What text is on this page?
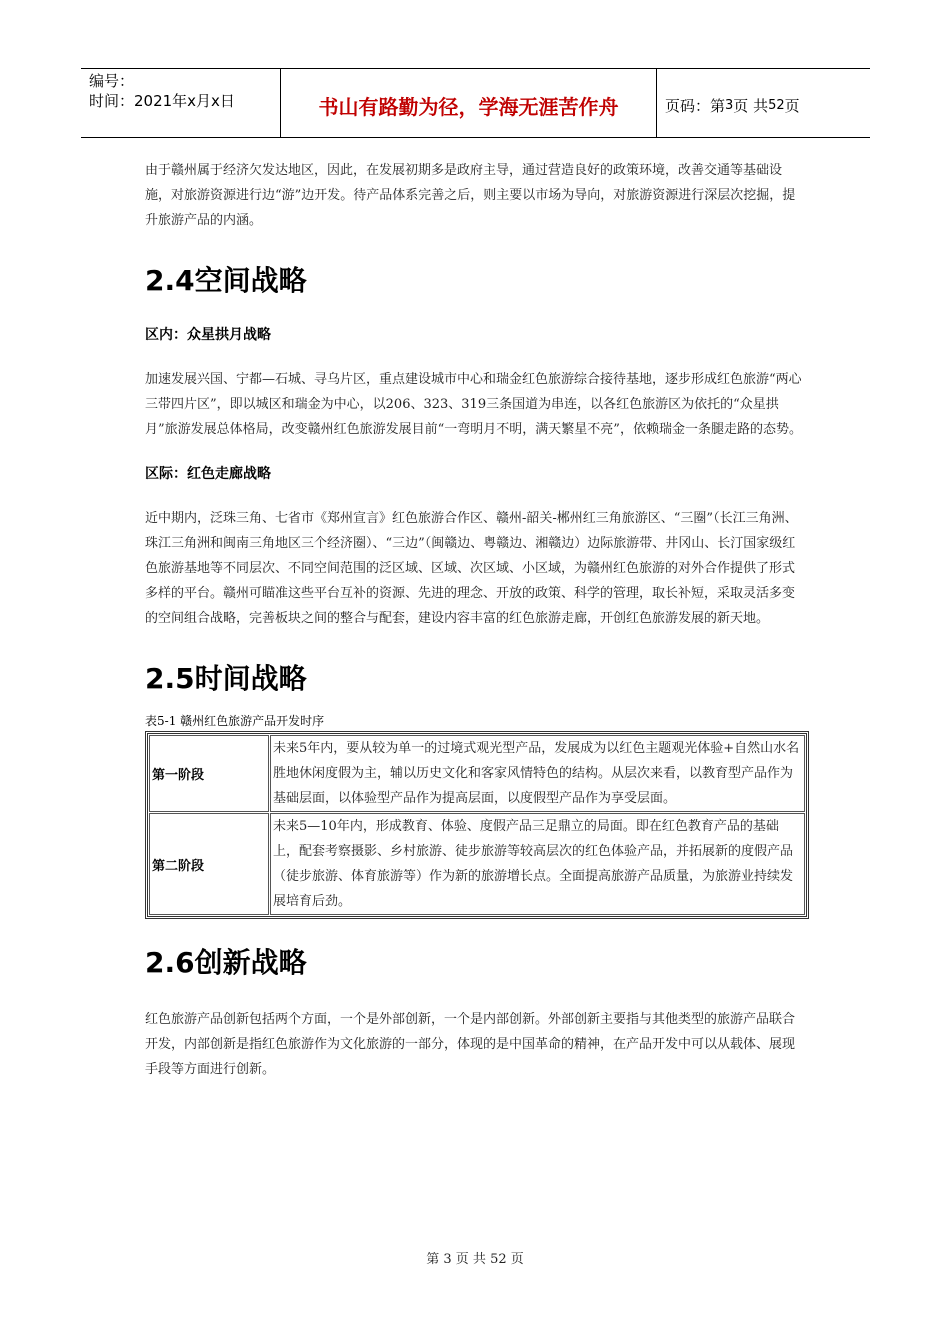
编号：
时间：2021年x月x日	书山有路勤为径，学海无涯苦作舟	页码：第 3 页 共 52 页

由于赣州属于经济欠发达地区，因此，在发展初期多是政府主导，通过营造良好的政策环境，改善交通等基础设施，对旅游资源进行边“游”边开发。待产品体系完善之后，则主要以市场为导向，对旅游资源进行深层次挖掘，提升旅游产品的内涵。

2.4空间战略
区内：众星拱月战略

加速发展兴国、宁都—石城、寻乌片区，重点建设城市中心和瑞金红色旅游综合接待基地，逐步形成红色旅游“两心三带四片区”，即以城区和瑞金为中心，以206、323、319三条国道为串连，以各红色旅游区为依托的“众星拱月”旅游发展总体格局，改变赣州红色旅游发展目前“一弯明月不明，满天繁星不亮”，依赖瑞金一条腿走路的态势。

区际：红色走廊战略

近中期内，泛珠三角、七省市《郑州宣言》红色旅游合作区、赣州-韶关-郴州红三角旅游区、“三圈”（长江三角洲、珠江三角洲和闽南三角地区三个经济圈）、“三边”（闽赣边、粤赣边、湘赣边）边际旅游带、井冈山、长汀国家级红色旅游基地等不同层次、不同空间范围的泛区域、区域、次区域、小区域，为赣州红色旅游的对外合作提供了形式多样的平台。赣州可瞄准这些平台互补的资源、先进的理念、开放的政策、科学的管理，取长补短，采取灵活多变的空间组合战略，完善板块之间的整合与配套，建设内容丰富的红色旅游走廊，开创红色旅游发展的新天地。

2.5时间战略
表5-1 赣州红色旅游产品开发时序
第一阶段	未来5年内，要从较为单一的过境式观光型产品，发展成为以红色主题观光体验+自然山水名胜地休闲度假为主，辅以历史文化和客家风情特色的结构。从层次来看，以教育型产品作为基础层面，以体验型产品作为提高层面，以度假型产品作为享受层面。
第二阶段	未来5—10年内，形成教育、体验、度假产品三足鼎立的局面。即在红色教育产品的基础上，配套考察摄影、乡村旅游、徒步旅游等较高层次的红色体验产品，并拓展新的度假产品（徒步旅游、体育旅游等）作为新的旅游增长点。全面提高旅游产品质量，为旅游业持续发展培育后劲。
2.6创新战略

红色旅游产品创新包括两个方面，一个是外部创新，一个是内部创新。外部创新主要指与其他类型的旅游产品联合开发，内部创新是指红色旅游作为文化旅游的一部分，体现的是中国革命的精神，在产品开发中可以从载体、展现手段等方面进行创新。

第 3 页 共 52 页
